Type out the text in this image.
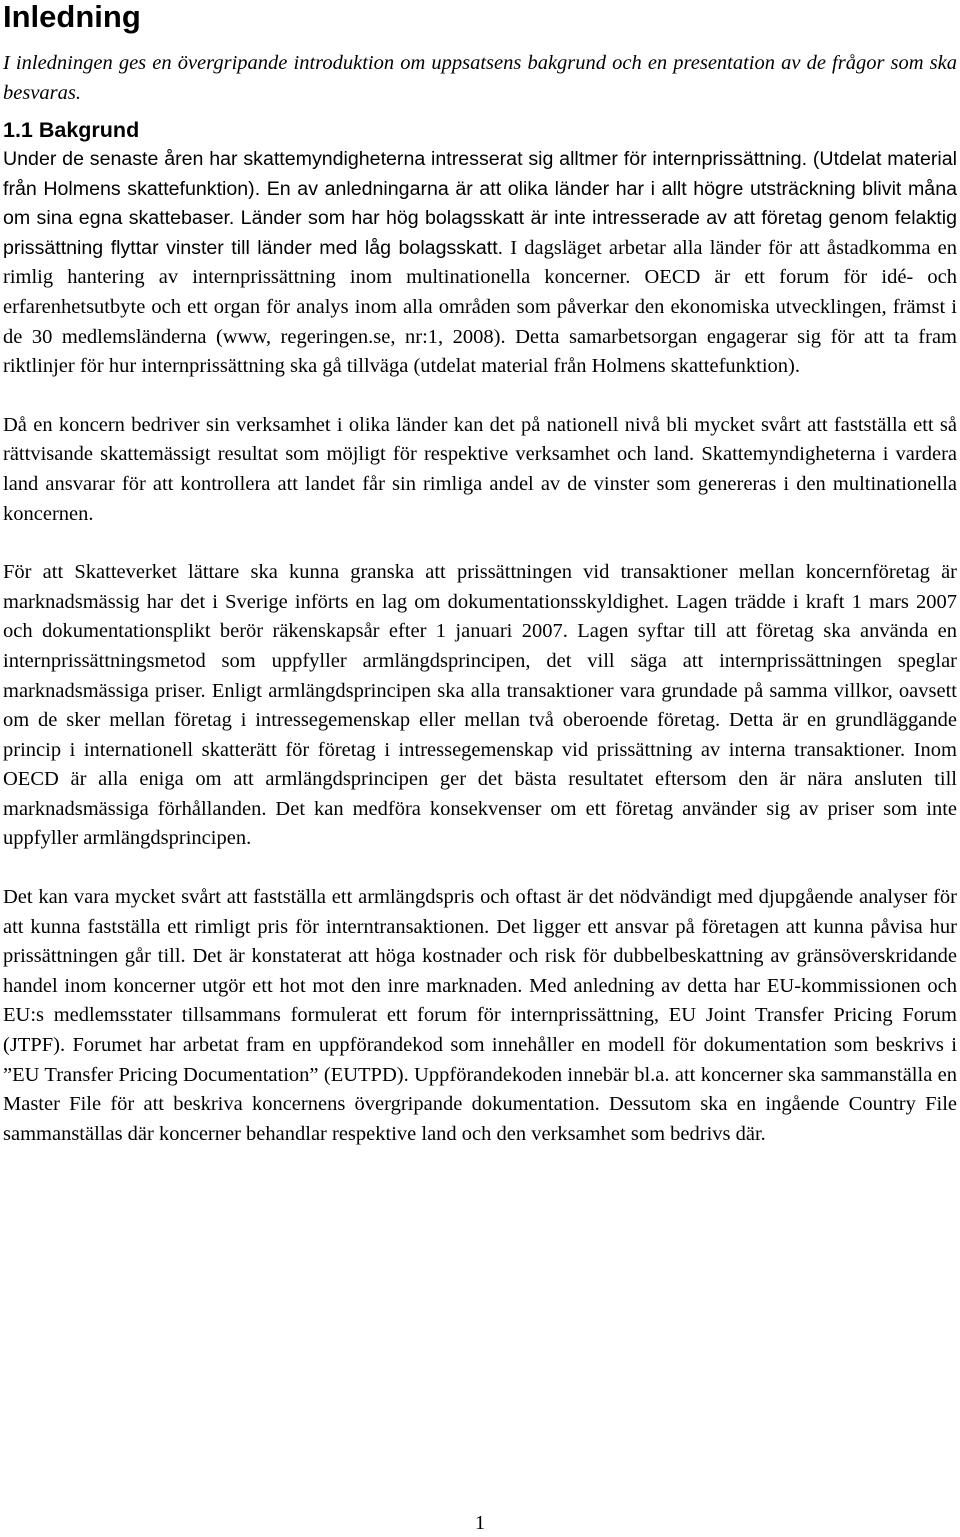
Inledning

I inledningen ges en övergripande introduktion om uppsatsens bakgrund och en presentation av de frågor som ska besvaras.

1.1 Bakgrund

Under de senaste åren har skattemyndigheterna intresserat sig alltmer för internprissättning. (Utdelat material från Holmens skattefunktion). En av anledningarna är att olika länder har i allt högre utsträckning blivit måna om sina egna skattebaser. Länder som har hög bolagsskatt är inte intresserade av att företag genom felaktig prissättning flyttar vinster till länder med låg bolagsskatt. I dagsläget arbetar alla länder för att åstadkomma en rimlig hantering av internprissättning inom multinationella koncerner. OECD är ett forum för idé- och erfarenhetsutbyte och ett organ för analys inom alla områden som påverkar den ekonomiska utvecklingen, främst i de 30 medlemsländerna (www, regeringen.se, nr:1, 2008). Detta samarbetsorgan engagerar sig för att ta fram riktlinjer för hur internprissättning ska gå tillväga (utdelat material från Holmens skattefunktion).

Då en koncern bedriver sin verksamhet i olika länder kan det på nationell nivå bli mycket svårt att fastställa ett så rättvisande skattemässigt resultat som möjligt för respektive verksamhet och land. Skattemyndigheterna i vardera land ansvarar för att kontrollera att landet får sin rimliga andel av de vinster som genereras i den multinationella koncernen.

För att Skatteverket lättare ska kunna granska att prissättningen vid transaktioner mellan koncernföretag är marknadsmässig har det i Sverige införts en lag om dokumentationsskyldighet. Lagen trädde i kraft 1 mars 2007 och dokumentationsplikt berör räkenskapsår efter 1 januari 2007. Lagen syftar till att företag ska använda en internprissättningsmetod som uppfyller armlängdsprincipen, det vill säga att internprissättningen speglar marknadsmässiga priser. Enligt armlängdsprincipen ska alla transaktioner vara grundade på samma villkor, oavsett om de sker mellan företag i intressegemenskap eller mellan två oberoende företag. Detta är en grundläggande princip i internationell skatterätt för företag i intressegemenskap vid prissättning av interna transaktioner. Inom OECD är alla eniga om att armlängdsprincipen ger det bästa resultatet eftersom den är nära ansluten till marknadsmässiga förhållanden. Det kan medföra konsekvenser om ett företag använder sig av priser som inte uppfyller armlängdsprincipen.

Det kan vara mycket svårt att fastställa ett armlängdspris och oftast är det nödvändigt med djupgående analyser för att kunna fastställa ett rimligt pris för interntransaktionen. Det ligger ett ansvar på företagen att kunna påvisa hur prissättningen går till. Det är konstaterat att höga kostnader och risk för dubbelbeskattning av gränsöverskridande handel inom koncerner utgör ett hot mot den inre marknaden. Med anledning av detta har EU-kommissionen och EU:s medlemsstater tillsammans formulerat ett forum för internprissättning, EU Joint Transfer Pricing Forum (JTPF). Forumet har arbetat fram en uppförandekod som innehåller en modell för dokumentation som beskrivs i ”EU Transfer Pricing Documentation” (EUTPD). Uppförandekoden innebär bl.a. att koncerner ska sammanställa en Master File för att beskriva koncernens övergripande dokumentation. Dessutom ska en ingående Country File sammanställas där koncerner behandlar respektive land och den verksamhet som bedrivs där.

1
